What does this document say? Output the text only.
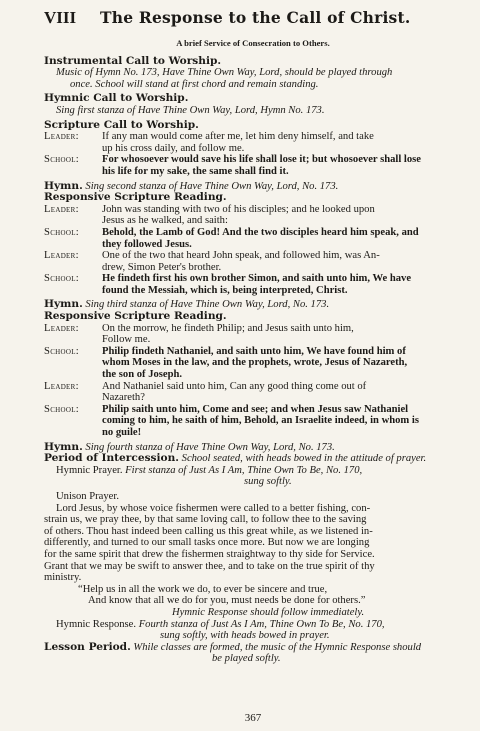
VIII	The Response to the Call of Christ.
A brief Service of Consecration to Others.
Instrumental Call to Worship.
Music of Hymn No. 173, Have Thine Own Way, Lord, should be played through
once. School will stand at first chord and remain standing.
Hymnic Call to Worship.
Sing first stanza of Have Thine Own Way, Lord, Hymn No. 173.
Scripture Call to Worship.
Leader:	If any man would come after me, let him deny himself, and take
up his cross daily, and follow me.
School:	For whosoever would save his life shall lose it; but whosoever shall lose
his life for my sake, the same shall find it.
Hymn. Sing second stanza of Have Thine Own Way, Lord, No. 173.
Responsive Scripture Reading.
Leader:	John was standing with two of his disciples; and he looked upon
Jesus as he walked, and saith:
School:	Behold, the Lamb of God! And the two disciples heard him speak, and
they followed Jesus.
Leader:	One of the two that heard John speak, and followed him, was An-
drew, Simon Peter's brother.
School:	He findeth first his own brother Simon, and saith unto him, We have
found the Messiah, which is, being interpreted, Christ.
Hymn. Sing third stanza of Have Thine Own Way, Lord, No. 173.
Responsive Scripture Reading.
Leader:	On the morrow, he findeth Philip; and Jesus saith unto him,
Follow me.
School:	Philip findeth Nathaniel, and saith unto him, We have found him of
whom Moses in the law, and the prophets, wrote, Jesus of Nazareth,
the son of Joseph.
Leader:	And Nathaniel said unto him, Can any good thing come out of
Nazareth?
School:	Philip saith unto him, Come and see; and when Jesus saw Nathaniel
coming to him, he saith of him, Behold, an Israelite indeed, in whom is
no guile!
Hymn. Sing fourth stanza of Have Thine Own Way, Lord, No. 173.
Period of Intercession. School seated, with heads bowed in the attitude of prayer.
Hymnic Prayer. First stanza of Just As I Am, Thine Own To Be, No. 170,
sung softly.
Unison Prayer.
Lord Jesus, by whose voice fishermen were called to a better fishing, con-
strain us, we pray thee, by that same loving call, to follow thee to the saving
of others. Thou hast indeed been calling us this great while, as we listened in-
differently, and turned to our small tasks once more. But now we are longing
for the same spirit that drew the fishermen straightway to thy side for Service.
Grant that we may be swift to answer thee, and to take on the true spirit of thy
ministry.
“Help us in all the work we do, to ever be sincere and true,
And know that all we do for you, must needs be done for others.”
Hymnic Response should follow immediately.
Hymnic Response. Fourth stanza of Just As I Am, Thine Own To Be, No. 170,
sung softly, with heads bowed in prayer.
Lesson Period. While classes are formed, the music of the Hymnic Response should
be played softly.
367
